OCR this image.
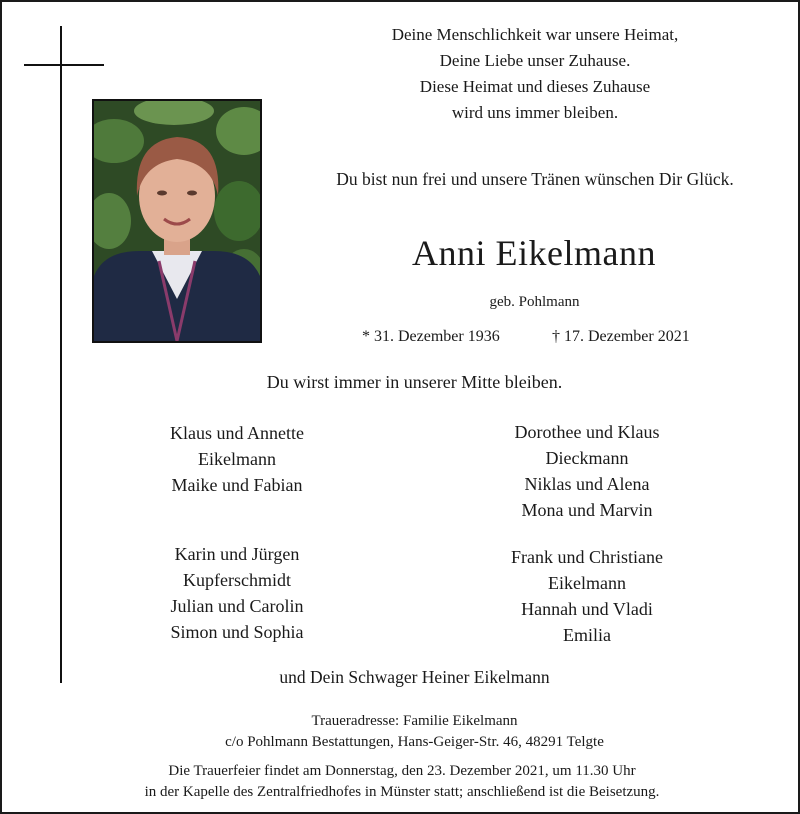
Deine Menschlichkeit war unsere Heimat,
Deine Liebe unser Zuhause.
Diese Heimat und dieses Zuhause
wird uns immer bleiben.
Du bist nun frei und unsere Tränen wünschen Dir Glück.
Anni Eikelmann
geb. Pohlmann
* 31. Dezember 1936	† 17. Dezember 2021
Du wirst immer in unserer Mitte bleiben.
Klaus und Annette
Eikelmann
Maike und Fabian
Dorothee und Klaus
Dieckmann
Niklas und Alena
Mona und Marvin
Karin und Jürgen
Kupferschmidt
Julian und Carolin
Simon und Sophia
Frank und Christiane
Eikelmann
Hannah und Vladi
Emilia
und Dein Schwager Heiner Eikelmann
Traueradresse: Familie Eikelmann
c/o Pohlmann Bestattungen, Hans-Geiger-Str. 46, 48291 Telgte
Die Trauerfeier findet am Donnerstag, den 23. Dezember 2021, um 11.30 Uhr
in der Kapelle des Zentralfriedhofes in Münster statt; anschließend ist die Beisetzung.
